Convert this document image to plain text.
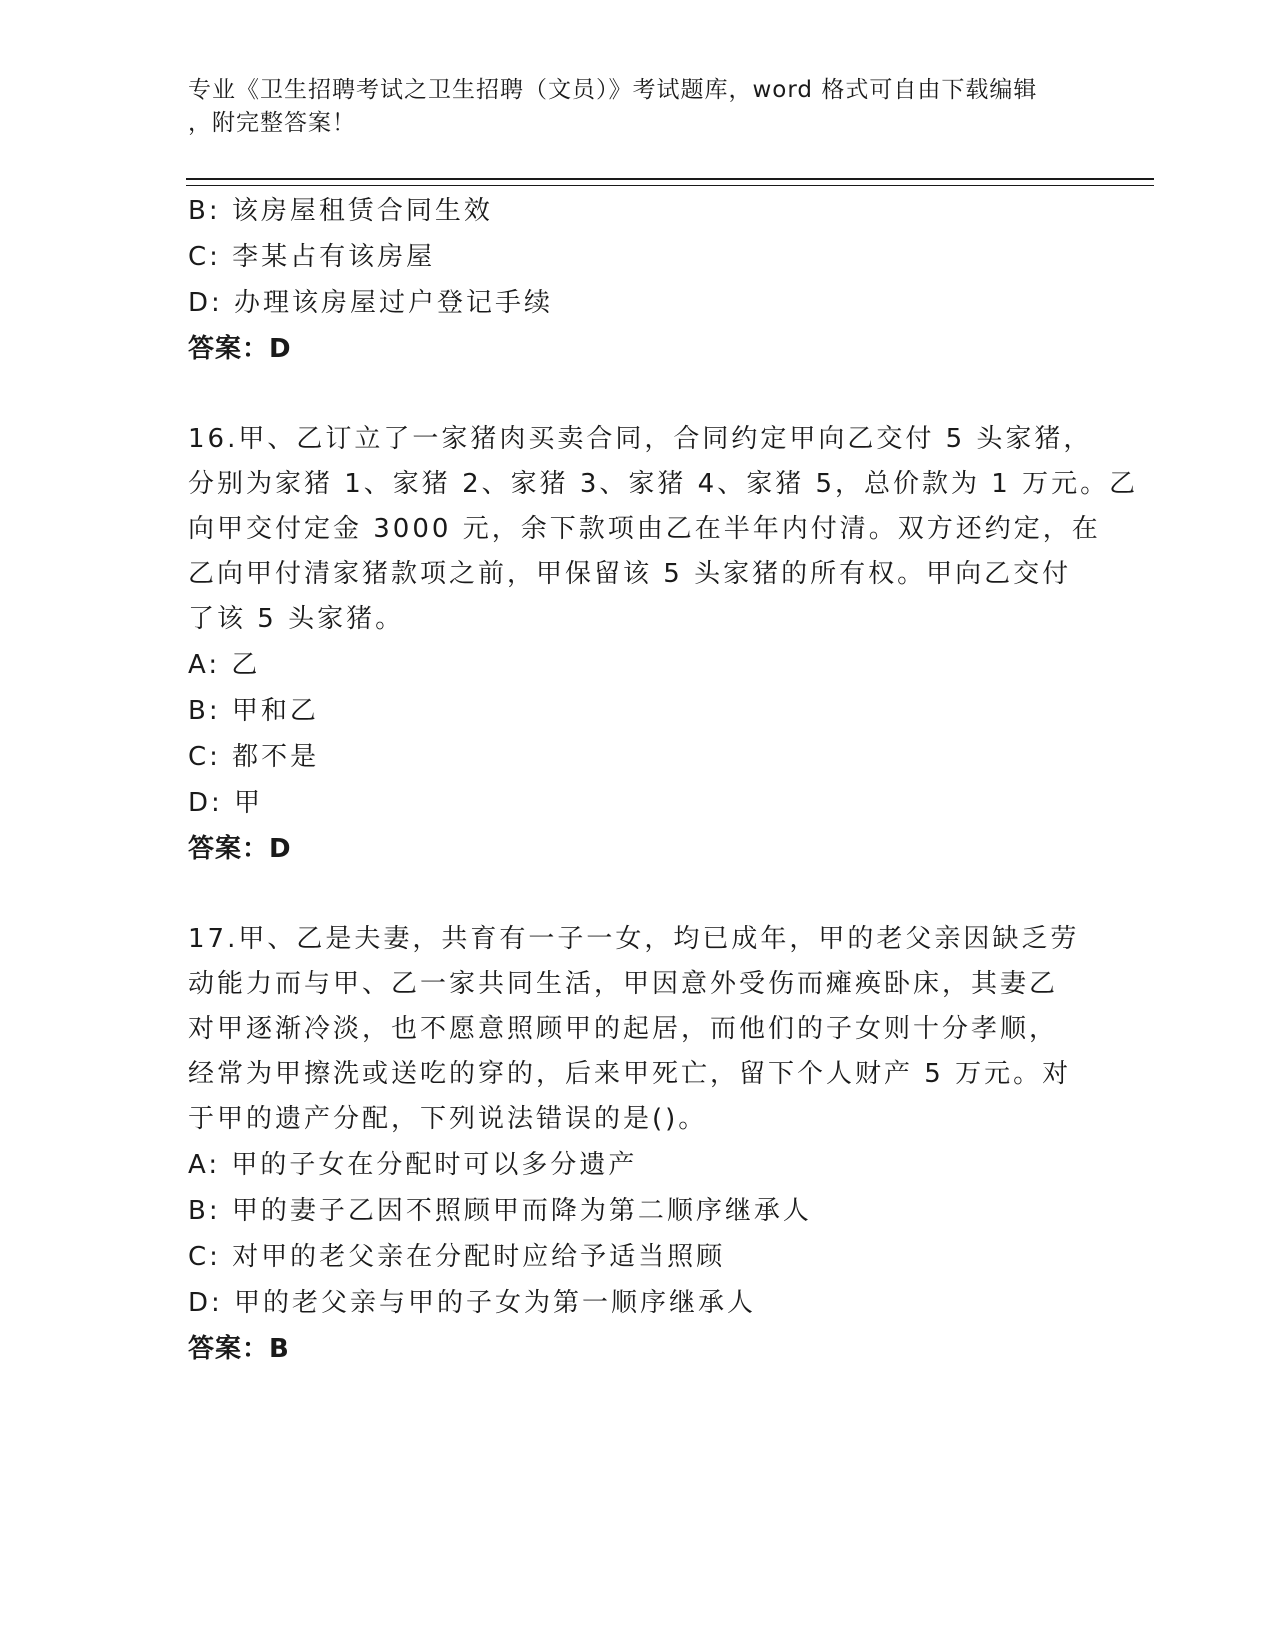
专业《卫生招聘考试之卫生招聘（文员）》考试题库，word 格式可自由下载编辑
，附完整答案！
B: 该房屋租赁合同生效
C: 李某占有该房屋
D: 办理该房屋过户登记手续
答案：D
16.甲、乙订立了一家猪肉买卖合同，合同约定甲向乙交付 5 头家猪，
分别为家猪 1、家猪 2、家猪 3、家猪 4、家猪 5，总价款为 1 万元。乙
向甲交付定金 3000 元，余下款项由乙在半年内付清。双方还约定，在
乙向甲付清家猪款项之前，甲保留该 5 头家猪的所有权。甲向乙交付
了该 5 头家猪。
A: 乙
B: 甲和乙
C: 都不是
D: 甲
答案：D
17.甲、乙是夫妻，共育有一子一女，均已成年，甲的老父亲因缺乏劳
动能力而与甲、乙一家共同生活，甲因意外受伤而瘫痪卧床，其妻乙
对甲逐渐冷淡，也不愿意照顾甲的起居，而他们的子女则十分孝顺，
经常为甲擦洗或送吃的穿的，后来甲死亡，留下个人财产 5 万元。对
于甲的遗产分配，下列说法错误的是()。
A: 甲的子女在分配时可以多分遗产
B: 甲的妻子乙因不照顾甲而降为第二顺序继承人
C: 对甲的老父亲在分配时应给予适当照顾
D: 甲的老父亲与甲的子女为第一顺序继承人
答案：B
